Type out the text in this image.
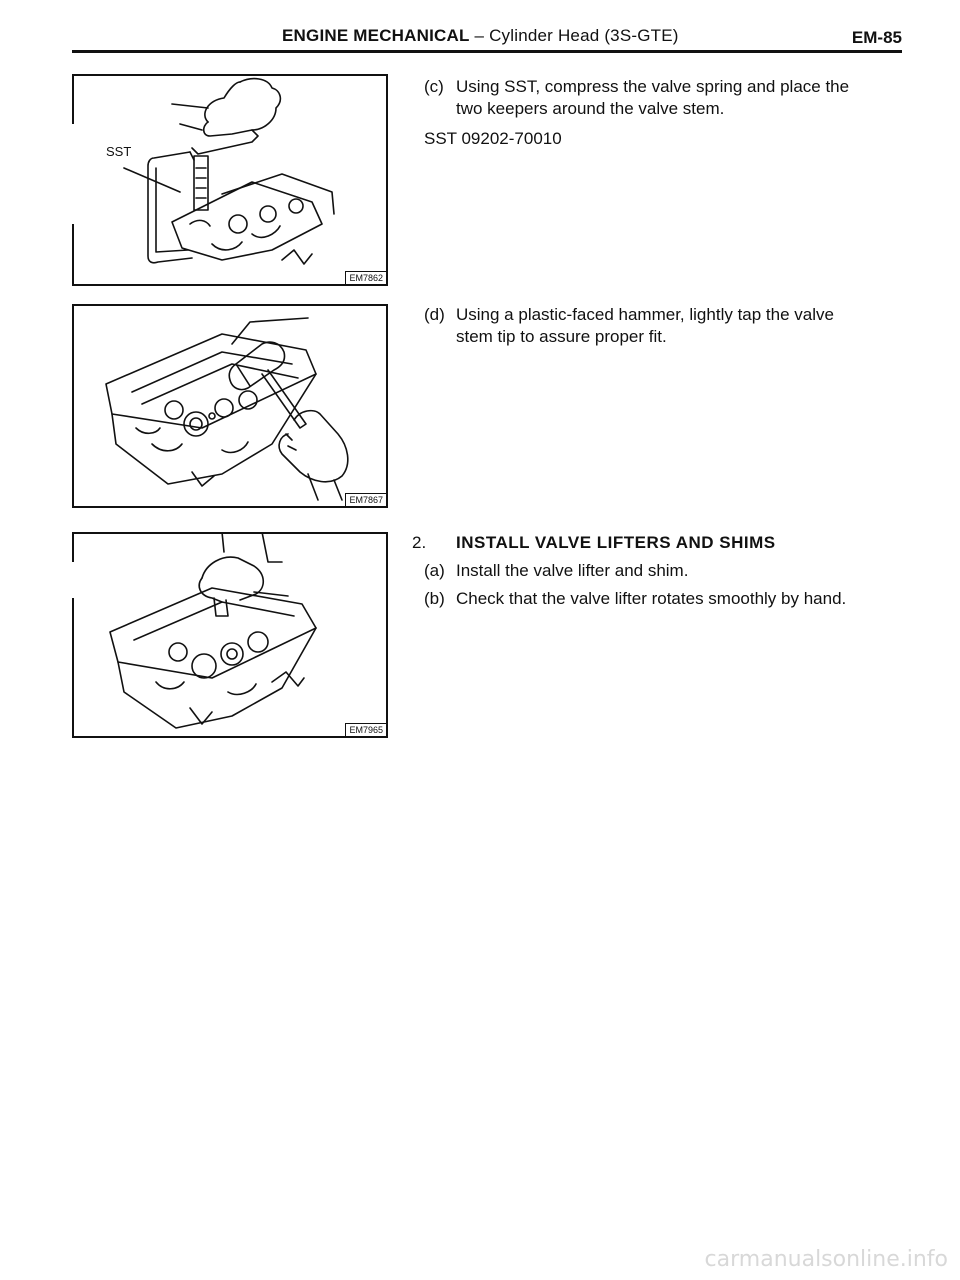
ENGINE MECHANICAL – Cylinder Head (3S-GTE)	EM-85
SST
EM7862
EM7867
EM7965
(c) Using SST, compress the valve spring and place the
two keepers around the valve stem.
SST 09202-70010
(d) Using a plastic-faced hammer, lightly tap the valve
stem tip to assure proper fit.
2. INSTALL VALVE LIFTERS AND SHIMS
(a) Install the valve lifter and shim.
(b) Check that the valve lifter rotates smoothly by hand.
carmanualsonline.info
